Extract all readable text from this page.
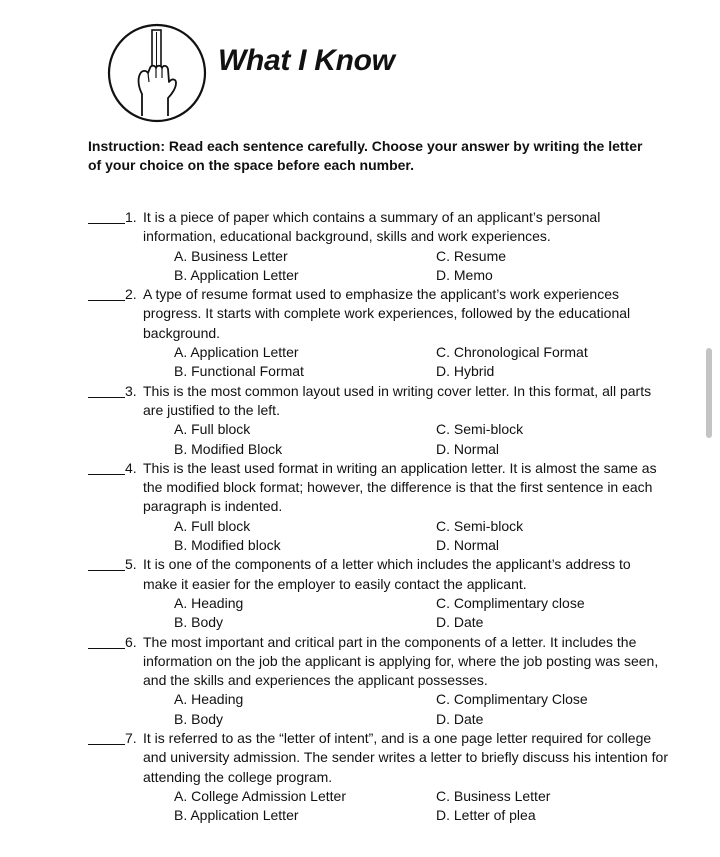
What I Know
Instruction: Read each sentence carefully. Choose your answer by writing the letter of your choice on the space before each number.
1. It is a piece of paper which contains a summary of an applicant’s personal information, educational background, skills and work experiences.
A. Business Letter	C. Resume
B. Application Letter	D. Memo
2. A type of resume format used to emphasize the applicant’s work experiences progress. It starts with complete work experiences, followed by the educational background.
A. Application Letter	C. Chronological Format
B. Functional Format	D. Hybrid
3. This is the most common layout used in writing cover letter. In this format, all parts are justified to the left.
A. Full block	C. Semi-block
B. Modified Block	D. Normal
4. This is the least used format in writing an application letter. It is almost the same as the modified block format; however, the difference is that the first sentence in each paragraph is indented.
A. Full block	C. Semi-block
B. Modified block	D. Normal
5. It is one of the components of a letter which includes the applicant’s address to make it easier for the employer to easily contact the applicant.
A. Heading	C. Complimentary close
B. Body	D. Date
6. The most important and critical part in the components of a letter. It includes the information on the job the applicant is applying for, where the job posting was seen, and the skills and experiences the applicant possesses.
A. Heading	C. Complimentary Close
B. Body	D. Date
7. It is referred to as the “letter of intent”, and is a one page letter required for college and university admission. The sender writes a letter to briefly discuss his intention for attending the college program.
A. College Admission Letter	C. Business Letter
B. Application Letter	D. Letter of plea
